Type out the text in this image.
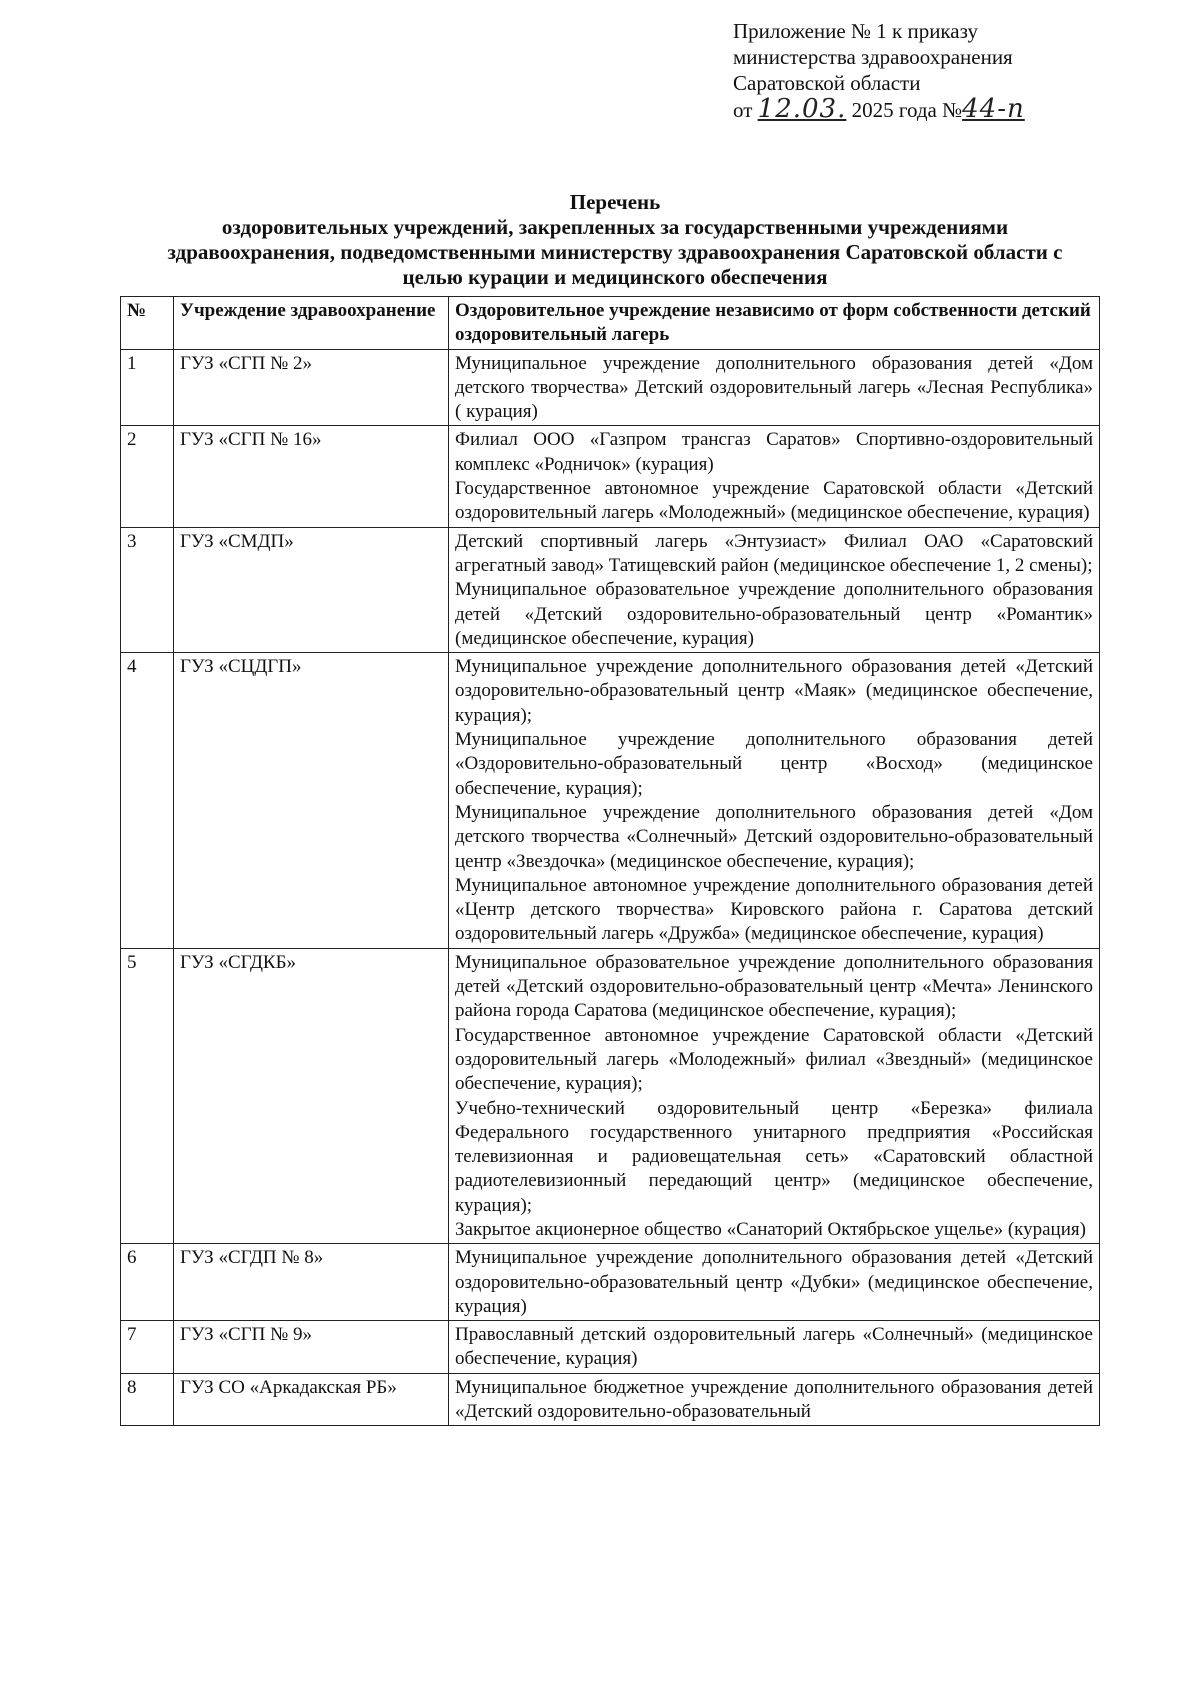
Приложение № 1 к приказу
министерства здравоохранения
Саратовской области
от 12.03. 2025 года №44-п
Перечень
оздоровительных учреждений, закрепленных за государственными учреждениями здравоохранения, подведомственными министерству здравоохранения Саратовской области с целью курации и медицинского обеспечения
№	Учреждение здравоохранение	Оздоровительное учреждение независимо от форм собственности детский оздоровительный лагерь
1	ГУЗ «СГП № 2»	Муниципальное учреждение дополнительного образования детей «Дом детского творчества» Детский оздоровительный лагерь «Лесная Республика» ( курация)

2	ГУЗ «СГП № 16»	Филиал ООО «Газпром трансгаз Саратов» Спортивно-оздоровительный комплекс «Родничок» (курация)
Государственное автономное учреждение Саратовской области «Детский оздоровительный лагерь «Молодежный» (медицинское обеспечение, курация)

3	ГУЗ «СМДП»	Детский спортивный лагерь «Энтузиаст» Филиал ОАО «Саратовский агрегатный завод» Татищевский район (медицинское обеспечение 1, 2 смены);
Муниципальное образовательное учреждение дополнительного образования детей «Детский оздоровительно-образовательный центр «Романтик» (медицинское обеспечение, курация)

4	ГУЗ «СЦДГП»	Муниципальное учреждение дополнительного образования детей «Детский оздоровительно-образовательный центр «Маяк» (медицинское обеспечение, курация);
Муниципальное учреждение дополнительного образования детей «Оздоровительно-образовательный центр «Восход» (медицинское обеспечение, курация);
Муниципальное учреждение дополнительного образования детей «Дом детского творчества «Солнечный» Детский оздоровительно-образовательный центр «Звездочка» (медицинское обеспечение, курация);
Муниципальное автономное учреждение дополнительного образования детей «Центр детского творчества» Кировского района г. Саратова детский оздоровительный лагерь «Дружба» (медицинское обеспечение, курация)

5	ГУЗ «СГДКБ»	Муниципальное образовательное учреждение дополнительного образования детей «Детский оздоровительно-образовательный центр «Мечта» Ленинского района города Саратова (медицинское обеспечение, курация);
Государственное автономное учреждение Саратовской области «Детский оздоровительный лагерь «Молодежный» филиал «Звездный» (медицинское обеспечение, курация);
Учебно-технический оздоровительный центр «Березка» филиала Федерального государственного унитарного предприятия «Российская телевизионная и радиовещательная сеть» «Саратовский областной радиотелевизионный передающий центр» (медицинское обеспечение, курация);
Закрытое акционерное общество «Санаторий Октябрьское ущелье» (курация)

6	ГУЗ «СГДП № 8»	Муниципальное учреждение дополнительного образования детей «Детский оздоровительно-образовательный центр «Дубки» (медицинское обеспечение, курация)

7	ГУЗ «СГП № 9»	Православный детский оздоровительный лагерь «Солнечный» (медицинское обеспечение, курация)

8	ГУЗ СО «Аркадакская РБ»	Муниципальное бюджетное учреждение дополнительного образования детей «Детский оздоровительно-образовательный
